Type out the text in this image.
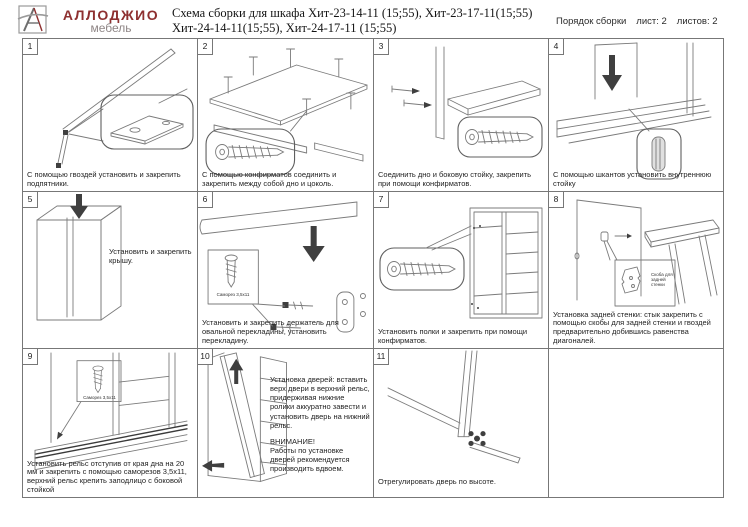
АЛЛОДЖИО
мебель
Схема сборки для шкафа Хит-23-14-11 (15;55), Хит-23-17-11(15;55)
Хит-24-14-11(15;55), Хит-24-17-11 (15;55)	Порядок сборки лист: 2 листов: 2
1
С помощью гвоздей установить и закрепить подпятники.
2
С помощью конфирматов соединить и закрепить между собой дно и цоколь.
3
Соединить дно и боковую стойку, закрепить при помощи конфирматов.
4
С помощью шкантов установить внутреннюю стойку
5
Установить и закрепить крышу.
6
Саморез 3,5х11
Установить и закрепить держатель для овальной перекладины, установить перекладину.
7
Установить полки и закрепить при помощи конфирматов.
8
Скоба для задней стенки
Установка задней стенки: стык закрепить с помощью скобы для задней стенки и гвоздей предварительно добившись равенства диагоналей.
9
Саморез 3,5х11
Установить рельс отступив от края дна на 20 мм и закрепить с помощью саморезов 3,5х11, верхний рельс крепить заподлицо с боковой стойкой
10
Установка дверей: вставить верх двери в верхний рельс, придерживая нижние ролики аккуратно завести и установить дверь на нижний рельс.
ВНИМАНИЕ!
Работы по установке дверей рекомендуется производить вдвоем.
11
Отрегулировать дверь по высоте.
